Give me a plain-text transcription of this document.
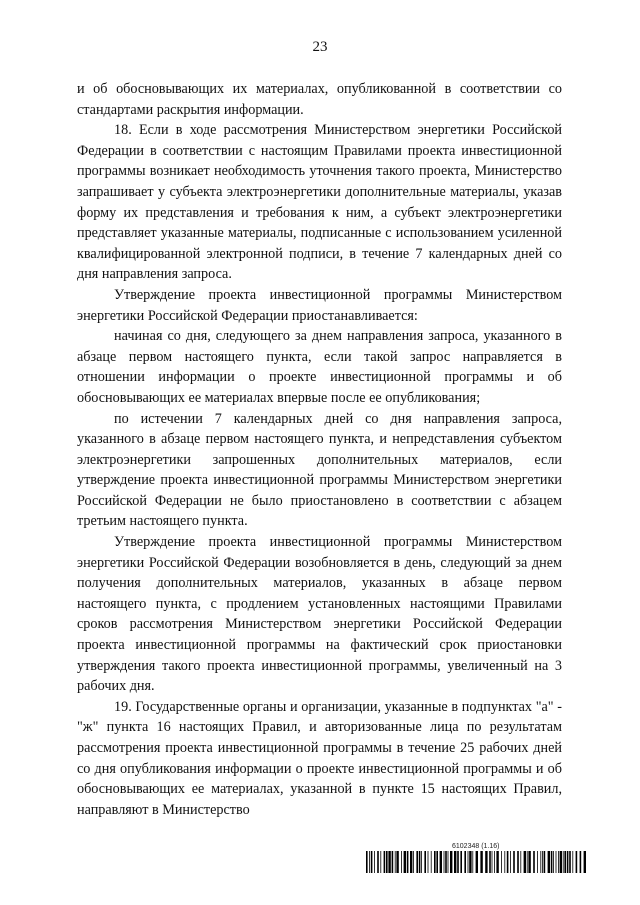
23

и об обосновывающих их материалах, опубликованной в соответствии со стандартами раскрытия информации.

18. Если в ходе рассмотрения Министерством энергетики Российской Федерации в соответствии с настоящим Правилами проекта инвестиционной программы возникает необходимость уточнения такого проекта, Министерство запрашивает у субъекта электроэнергетики дополнительные материалы, указав форму их представления и требования к ним, а субъект электроэнергетики представляет указанные материалы, подписанные с использованием усиленной квалифицированной электронной подписи, в течение 7 календарных дней со дня направления запроса.

Утверждение проекта инвестиционной программы Министерством энергетики Российской Федерации приостанавливается:

начиная со дня, следующего за днем направления запроса, указанного в абзаце первом настоящего пункта, если такой запрос направляется в отношении информации о проекте инвестиционной программы и об обосновывающих ее материалах впервые после ее опубликования;

по истечении 7 календарных дней со дня направления запроса, указанного в абзаце первом настоящего пункта, и непредставления субъектом электроэнергетики запрошенных дополнительных материалов, если утверждение проекта инвестиционной программы Министерством энергетики Российской Федерации не было приостановлено в соответствии с абзацем третьим настоящего пункта.

Утверждение проекта инвестиционной программы Министерством энергетики Российской Федерации возобновляется в день, следующий за днем получения дополнительных материалов, указанных в абзаце первом настоящего пункта, с продлением установленных настоящими Правилами сроков рассмотрения Министерством энергетики Российской Федерации проекта инвестиционной программы на фактический срок приостановки утверждения такого проекта инвестиционной программы, увеличенный на 3 рабочих дня.

19. Государственные органы и организации, указанные в подпунктах "а" - "ж" пункта 16 настоящих Правил, и авторизованные лица по результатам рассмотрения проекта инвестиционной программы в течение 25 рабочих дней со дня опубликования информации о проекте инвестиционной программы и об обосновывающих ее материалах, указанной в пункте 15 настоящих Правил, направляют в Министерство

6102348 (1.16)
